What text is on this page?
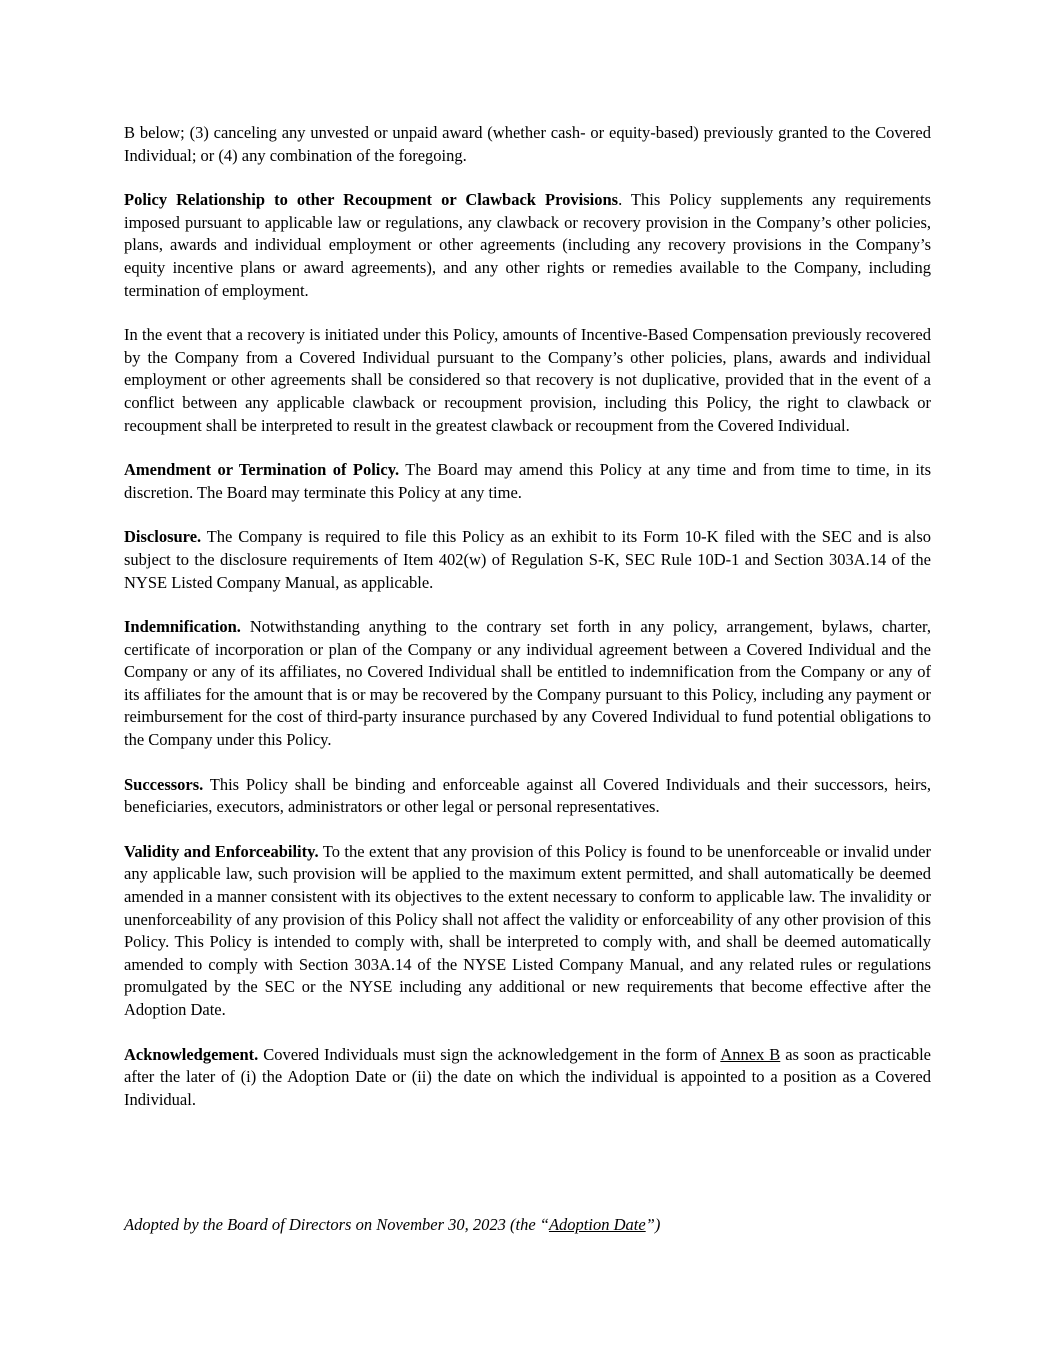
B below; (3) canceling any unvested or unpaid award (whether cash- or equity-based) previously granted to the Covered Individual; or (4) any combination of the foregoing.

Policy Relationship to other Recoupment or Clawback Provisions. This Policy supplements any requirements imposed pursuant to applicable law or regulations, any clawback or recovery provision in the Company’s other policies, plans, awards and individual employment or other agreements (including any recovery provisions in the Company’s equity incentive plans or award agreements), and any other rights or remedies available to the Company, including termination of employment.

In the event that a recovery is initiated under this Policy, amounts of Incentive-Based Compensation previously recovered by the Company from a Covered Individual pursuant to the Company’s other policies, plans, awards and individual employment or other agreements shall be considered so that recovery is not duplicative, provided that in the event of a conflict between any applicable clawback or recoupment provision, including this Policy, the right to clawback or recoupment shall be interpreted to result in the greatest clawback or recoupment from the Covered Individual.

Amendment or Termination of Policy. The Board may amend this Policy at any time and from time to time, in its discretion. The Board may terminate this Policy at any time.

Disclosure. The Company is required to file this Policy as an exhibit to its Form 10-K filed with the SEC and is also subject to the disclosure requirements of Item 402(w) of Regulation S-K, SEC Rule 10D-1 and Section 303A.14 of the NYSE Listed Company Manual, as applicable.

Indemnification. Notwithstanding anything to the contrary set forth in any policy, arrangement, bylaws, charter, certificate of incorporation or plan of the Company or any individual agreement between a Covered Individual and the Company or any of its affiliates, no Covered Individual shall be entitled to indemnification from the Company or any of its affiliates for the amount that is or may be recovered by the Company pursuant to this Policy, including any payment or reimbursement for the cost of third-party insurance purchased by any Covered Individual to fund potential obligations to the Company under this Policy.

Successors. This Policy shall be binding and enforceable against all Covered Individuals and their successors, heirs, beneficiaries, executors, administrators or other legal or personal representatives.

Validity and Enforceability. To the extent that any provision of this Policy is found to be unenforceable or invalid under any applicable law, such provision will be applied to the maximum extent permitted, and shall automatically be deemed amended in a manner consistent with its objectives to the extent necessary to conform to applicable law. The invalidity or unenforceability of any provision of this Policy shall not affect the validity or enforceability of any other provision of this Policy. This Policy is intended to comply with, shall be interpreted to comply with, and shall be deemed automatically amended to comply with Section 303A.14 of the NYSE Listed Company Manual, and any related rules or regulations promulgated by the SEC or the NYSE including any additional or new requirements that become effective after the Adoption Date.

Acknowledgement. Covered Individuals must sign the acknowledgement in the form of Annex B as soon as practicable after the later of (i) the Adoption Date or (ii) the date on which the individual is appointed to a position as a Covered Individual.

Adopted by the Board of Directors on November 30, 2023 (the “Adoption Date”)
